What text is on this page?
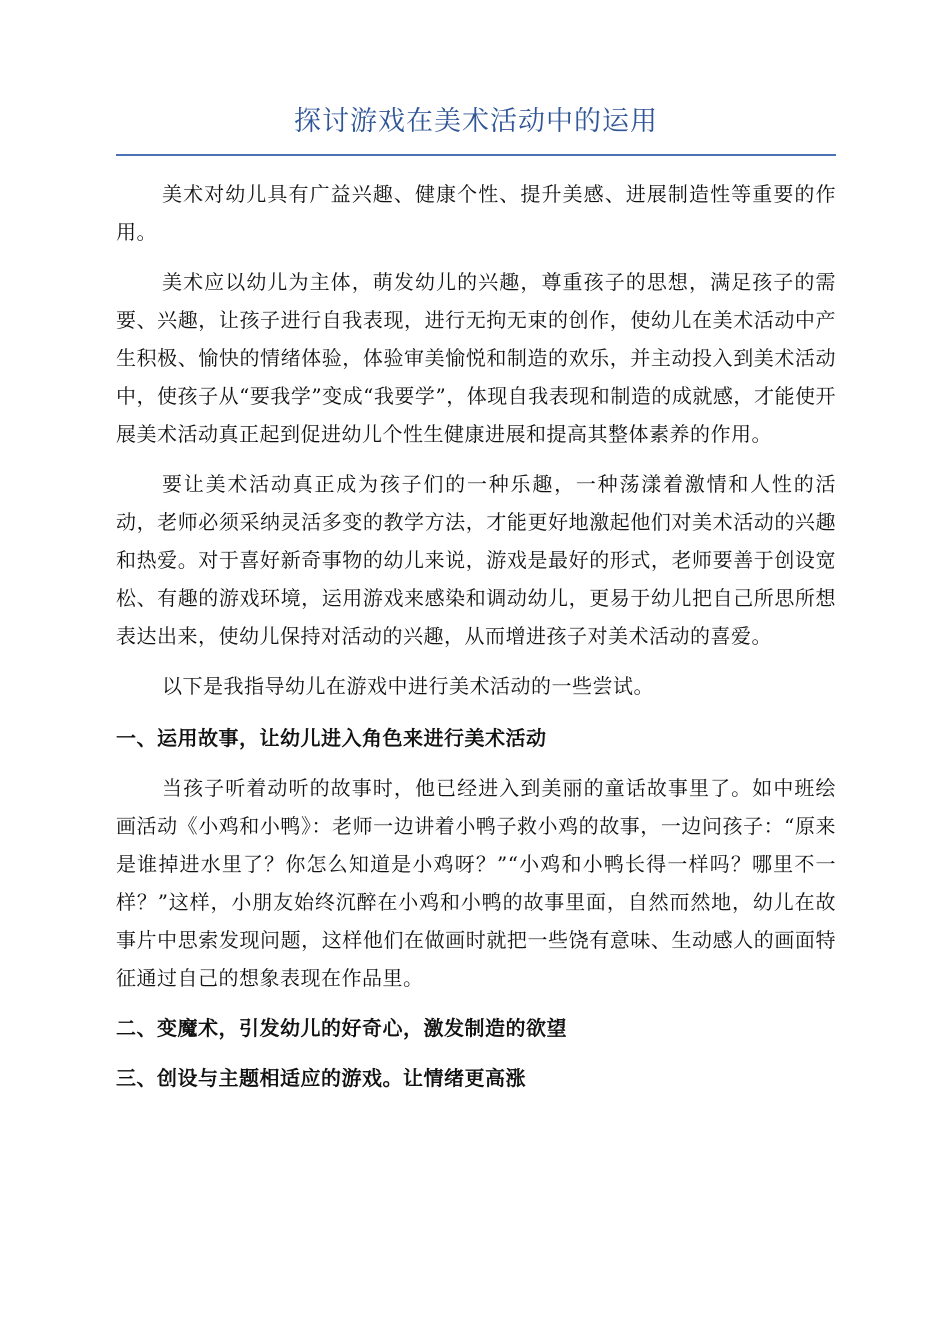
探讨游戏在美术活动中的运用

美术对幼儿具有广益兴趣、健康个性、提升美感、进展制造性等重要的作用。

美术应以幼儿为主体，萌发幼儿的兴趣，尊重孩子的思想，满足孩子的需要、兴趣，让孩子进行自我表现，进行无拘无束的创作，使幼儿在美术活动中产生积极、愉快的情绪体验，体验审美愉悦和制造的欢乐，并主动投入到美术活动中，使孩子从“要我学”变成“我要学”，体现自我表现和制造的成就感，才能使开展美术活动真正起到促进幼儿个性生健康进展和提高其整体素养的作用。

要让美术活动真正成为孩子们的一种乐趣，一种荡漾着激情和人性的活动，老师必须采纳灵活多变的教学方法，才能更好地激起他们对美术活动的兴趣和热爱。对于喜好新奇事物的幼儿来说，游戏是最好的形式，老师要善于创设宽松、有趣的游戏环境，运用游戏来感染和调动幼儿，更易于幼儿把自己所思所想表达出来，使幼儿保持对活动的兴趣，从而增进孩子对美术活动的喜爱。

以下是我指导幼儿在游戏中进行美术活动的一些尝试。

一、运用故事，让幼儿进入角色来进行美术活动

当孩子听着动听的故事时，他已经进入到美丽的童话故事里了。如中班绘画活动《小鸡和小鸭》：老师一边讲着小鸭子救小鸡的故事，一边问孩子：“原来是谁掉进水里了？你怎么知道是小鸡呀？”“小鸡和小鸭长得一样吗？哪里不一样？”这样，小朋友始终沉醉在小鸡和小鸭的故事里面，自然而然地，幼儿在故事片中思索发现问题，这样他们在做画时就把一些饶有意味、生动感人的画面特征通过自己的想象表现在作品里。

二、变魔术，引发幼儿的好奇心，激发制造的欲望
三、创设与主题相适应的游戏。让情绪更高涨
